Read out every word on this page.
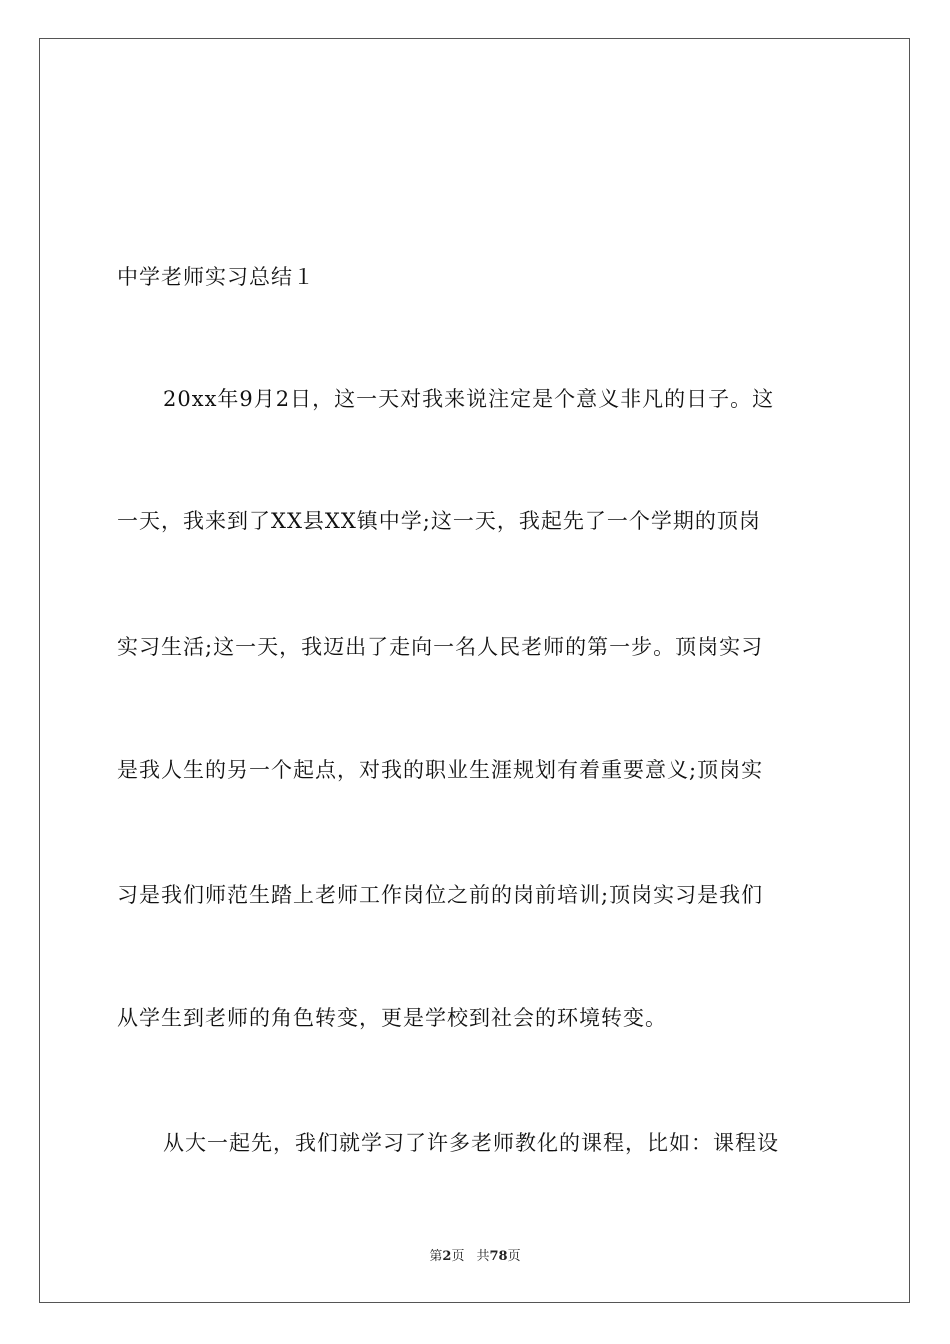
中学老师实习总结１
20xx年9月2日，这一天对我来说注定是个意义非凡的日子。这
一天，我来到了XX县XX镇中学;这一天，我起先了一个学期的顶岗
实习生活;这一天，我迈出了走向一名人民老师的第一步。顶岗实习
是我人生的另一个起点，对我的职业生涯规划有着重要意义;顶岗实
习是我们师范生踏上老师工作岗位之前的岗前培训;顶岗实习是我们
从学生到老师的角色转变，更是学校到社会的环境转变。
从大一起先，我们就学习了许多老师教化的课程，比如：课程设
第2页 共78页
